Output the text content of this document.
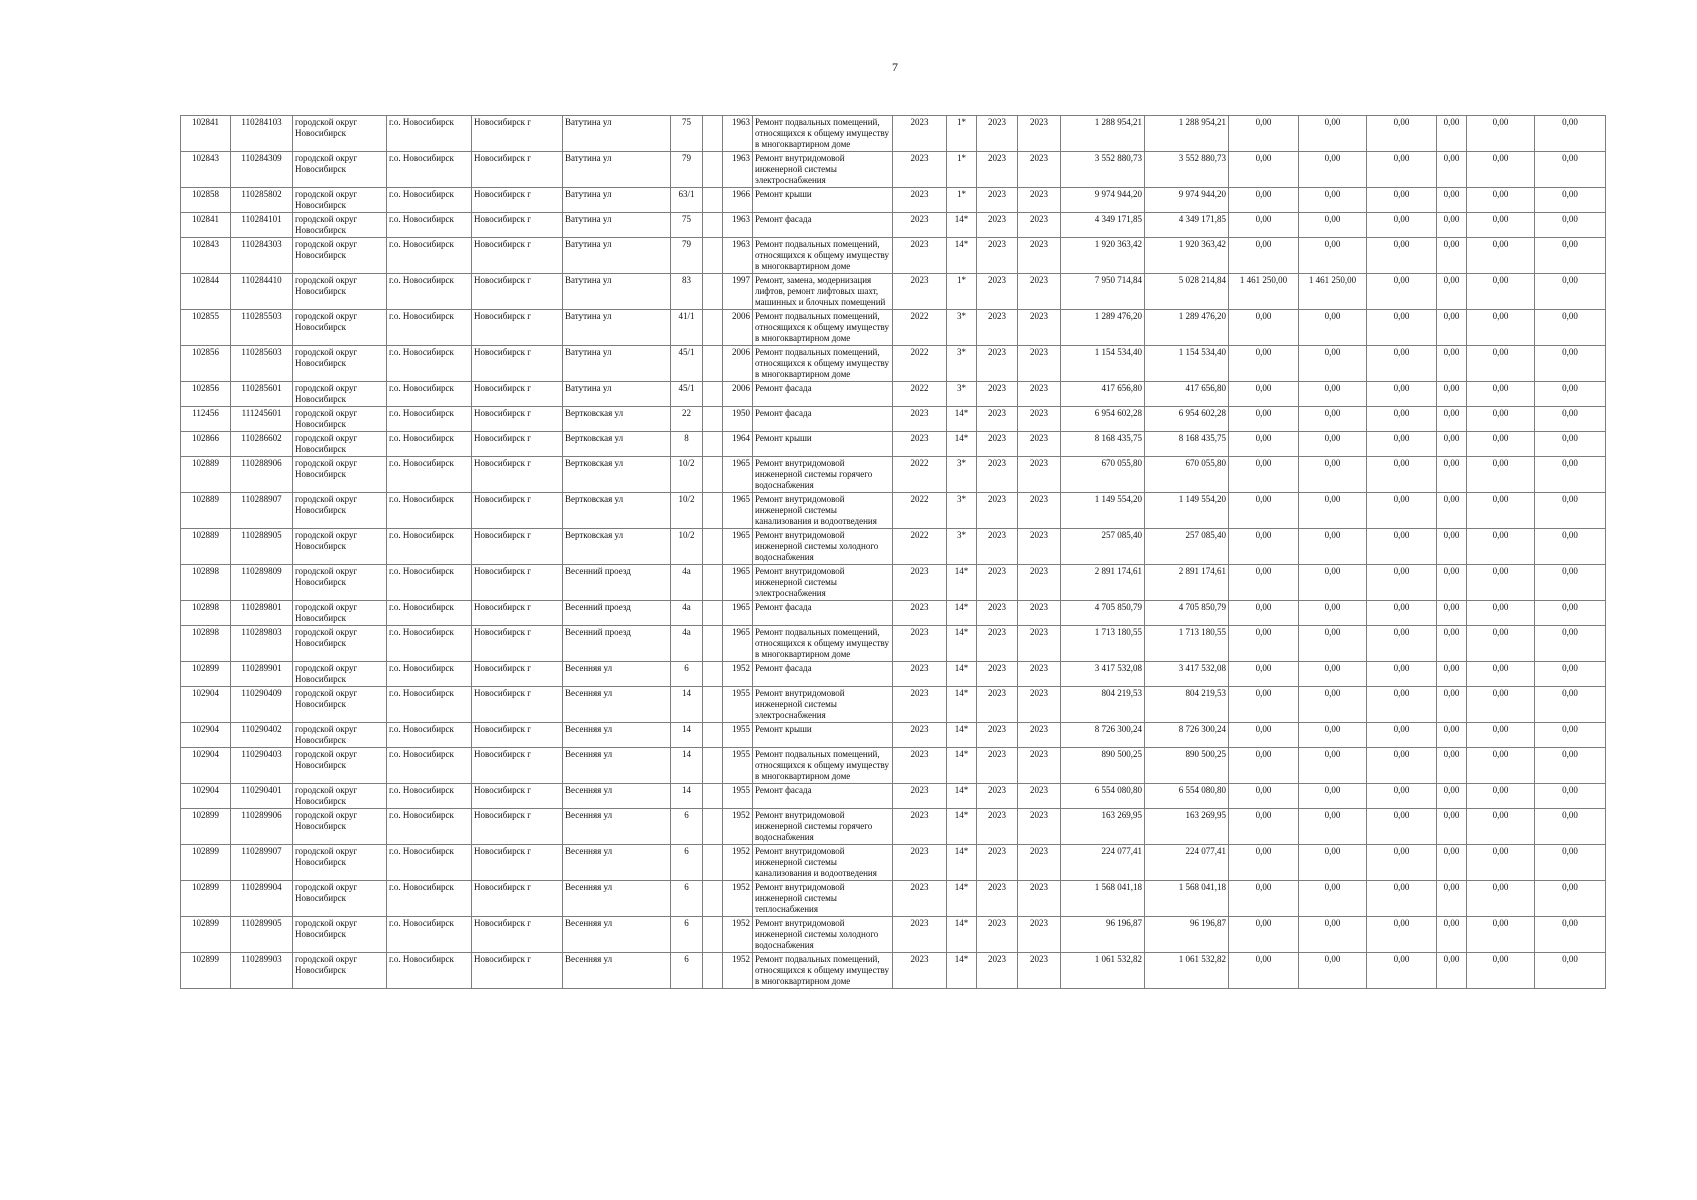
7
102841	110284103	городской округ Новосибирск	г.о. Новосибирск	Новосибирск г	Ватутина ул	75		1963	Ремонт подвальных помещений, относящихся к общему имуществу в многоквартирном доме	2023	1*	2023	2023	1 288 954,21	1 288 954,21	0,00	0,00	0,00	0,00	0,00	0,00
102843	110284309	городской округ Новосибирск	г.о. Новосибирск	Новосибирск г	Ватутина ул	79		1963	Ремонт внутридомовой инженерной системы электроснабжения	2023	1*	2023	2023	3 552 880,73	3 552 880,73	0,00	0,00	0,00	0,00	0,00	0,00
102858	110285802	городской округ Новосибирск	г.о. Новосибирск	Новосибирск г	Ватутина ул	63/1		1966	Ремонт крыши	2023	1*	2023	2023	9 974 944,20	9 974 944,20	0,00	0,00	0,00	0,00	0,00	0,00
102841	110284101	городской округ Новосибирск	г.о. Новосибирск	Новосибирск г	Ватутина ул	75		1963	Ремонт фасада	2023	14*	2023	2023	4 349 171,85	4 349 171,85	0,00	0,00	0,00	0,00	0,00	0,00
102843	110284303	городской округ Новосибирск	г.о. Новосибирск	Новосибирск г	Ватутина ул	79		1963	Ремонт подвальных помещений, относящихся к общему имуществу в многоквартирном доме	2023	14*	2023	2023	1 920 363,42	1 920 363,42	0,00	0,00	0,00	0,00	0,00	0,00
102844	110284410	городской округ Новосибирск	г.о. Новосибирск	Новосибирск г	Ватутина ул	83		1997	Ремонт, замена, модернизация лифтов, ремонт лифтовых шахт, машинных и блочных помещений	2023	1*	2023	2023	7 950 714,84	5 028 214,84	1 461 250,00	1 461 250,00	0,00	0,00	0,00	0,00
102855	110285503	городской округ Новосибирск	г.о. Новосибирск	Новосибирск г	Ватутина ул	41/1		2006	Ремонт подвальных помещений, относящихся к общему имуществу в многоквартирном доме	2022	3*	2023	2023	1 289 476,20	1 289 476,20	0,00	0,00	0,00	0,00	0,00	0,00
102856	110285603	городской округ Новосибирск	г.о. Новосибирск	Новосибирск г	Ватутина ул	45/1		2006	Ремонт подвальных помещений, относящихся к общему имуществу в многоквартирном доме	2022	3*	2023	2023	1 154 534,40	1 154 534,40	0,00	0,00	0,00	0,00	0,00	0,00
102856	110285601	городской округ Новосибирск	г.о. Новосибирск	Новосибирск г	Ватутина ул	45/1		2006	Ремонт фасада	2022	3*	2023	2023	417 656,80	417 656,80	0,00	0,00	0,00	0,00	0,00	0,00
112456	111245601	городской округ Новосибирск	г.о. Новосибирск	Новосибирск г	Вертковская ул	22		1950	Ремонт фасада	2023	14*	2023	2023	6 954 602,28	6 954 602,28	0,00	0,00	0,00	0,00	0,00	0,00
102866	110286602	городской округ Новосибирск	г.о. Новосибирск	Новосибирск г	Вертковская ул	8		1964	Ремонт крыши	2023	14*	2023	2023	8 168 435,75	8 168 435,75	0,00	0,00	0,00	0,00	0,00	0,00
102889	110288906	городской округ Новосибирск	г.о. Новосибирск	Новосибирск г	Вертковская ул	10/2		1965	Ремонт внутридомовой инженерной системы горячего водоснабжения	2022	3*	2023	2023	670 055,80	670 055,80	0,00	0,00	0,00	0,00	0,00	0,00
102889	110288907	городской округ Новосибирск	г.о. Новосибирск	Новосибирск г	Вертковская ул	10/2		1965	Ремонт внутридомовой инженерной системы канализования и водоотведения	2022	3*	2023	2023	1 149 554,20	1 149 554,20	0,00	0,00	0,00	0,00	0,00	0,00
102889	110288905	городской округ Новосибирск	г.о. Новосибирск	Новосибирск г	Вертковская ул	10/2		1965	Ремонт внутридомовой инженерной системы холодного водоснабжения	2022	3*	2023	2023	257 085,40	257 085,40	0,00	0,00	0,00	0,00	0,00	0,00
102898	110289809	городской округ Новосибирск	г.о. Новосибирск	Новосибирск г	Весенний проезд	4а		1965	Ремонт внутридомовой инженерной системы электроснабжения	2023	14*	2023	2023	2 891 174,61	2 891 174,61	0,00	0,00	0,00	0,00	0,00	0,00
102898	110289801	городской округ Новосибирск	г.о. Новосибирск	Новосибирск г	Весенний проезд	4а		1965	Ремонт фасада	2023	14*	2023	2023	4 705 850,79	4 705 850,79	0,00	0,00	0,00	0,00	0,00	0,00
102898	110289803	городской округ Новосибирск	г.о. Новосибирск	Новосибирск г	Весенний проезд	4а		1965	Ремонт подвальных помещений, относящихся к общему имуществу в многоквартирном доме	2023	14*	2023	2023	1 713 180,55	1 713 180,55	0,00	0,00	0,00	0,00	0,00	0,00
102899	110289901	городской округ Новосибирск	г.о. Новосибирск	Новосибирск г	Весенняя ул	6		1952	Ремонт фасада	2023	14*	2023	2023	3 417 532,08	3 417 532,08	0,00	0,00	0,00	0,00	0,00	0,00
102904	110290409	городской округ Новосибирск	г.о. Новосибирск	Новосибирск г	Весенняя ул	14		1955	Ремонт внутридомовой инженерной системы электроснабжения	2023	14*	2023	2023	804 219,53	804 219,53	0,00	0,00	0,00	0,00	0,00	0,00
102904	110290402	городской округ Новосибирск	г.о. Новосибирск	Новосибирск г	Весенняя ул	14		1955	Ремонт крыши	2023	14*	2023	2023	8 726 300,24	8 726 300,24	0,00	0,00	0,00	0,00	0,00	0,00
102904	110290403	городской округ Новосибирск	г.о. Новосибирск	Новосибирск г	Весенняя ул	14		1955	Ремонт подвальных помещений, относящихся к общему имуществу в многоквартирном доме	2023	14*	2023	2023	890 500,25	890 500,25	0,00	0,00	0,00	0,00	0,00	0,00
102904	110290401	городской округ Новосибирск	г.о. Новосибирск	Новосибирск г	Весенняя ул	14		1955	Ремонт фасада	2023	14*	2023	2023	6 554 080,80	6 554 080,80	0,00	0,00	0,00	0,00	0,00	0,00
102899	110289906	городской округ Новосибирск	г.о. Новосибирск	Новосибирск г	Весенняя ул	6		1952	Ремонт внутридомовой инженерной системы горячего водоснабжения	2023	14*	2023	2023	163 269,95	163 269,95	0,00	0,00	0,00	0,00	0,00	0,00
102899	110289907	городской округ Новосибирск	г.о. Новосибирск	Новосибирск г	Весенняя ул	6		1952	Ремонт внутридомовой инженерной системы канализования и водоотведения	2023	14*	2023	2023	224 077,41	224 077,41	0,00	0,00	0,00	0,00	0,00	0,00
102899	110289904	городской округ Новосибирск	г.о. Новосибирск	Новосибирск г	Весенняя ул	6		1952	Ремонт внутридомовой инженерной системы теплоснабжения	2023	14*	2023	2023	1 568 041,18	1 568 041,18	0,00	0,00	0,00	0,00	0,00	0,00
102899	110289905	городской округ Новосибирск	г.о. Новосибирск	Новосибирск г	Весенняя ул	6		1952	Ремонт внутридомовой инженерной системы холодного водоснабжения	2023	14*	2023	2023	96 196,87	96 196,87	0,00	0,00	0,00	0,00	0,00	0,00
102899	110289903	городской округ Новосибирск	г.о. Новосибирск	Новосибирск г	Весенняя ул	6		1952	Ремонт подвальных помещений, относящихся к общему имуществу в многоквартирном доме	2023	14*	2023	2023	1 061 532,82	1 061 532,82	0,00	0,00	0,00	0,00	0,00	0,00
